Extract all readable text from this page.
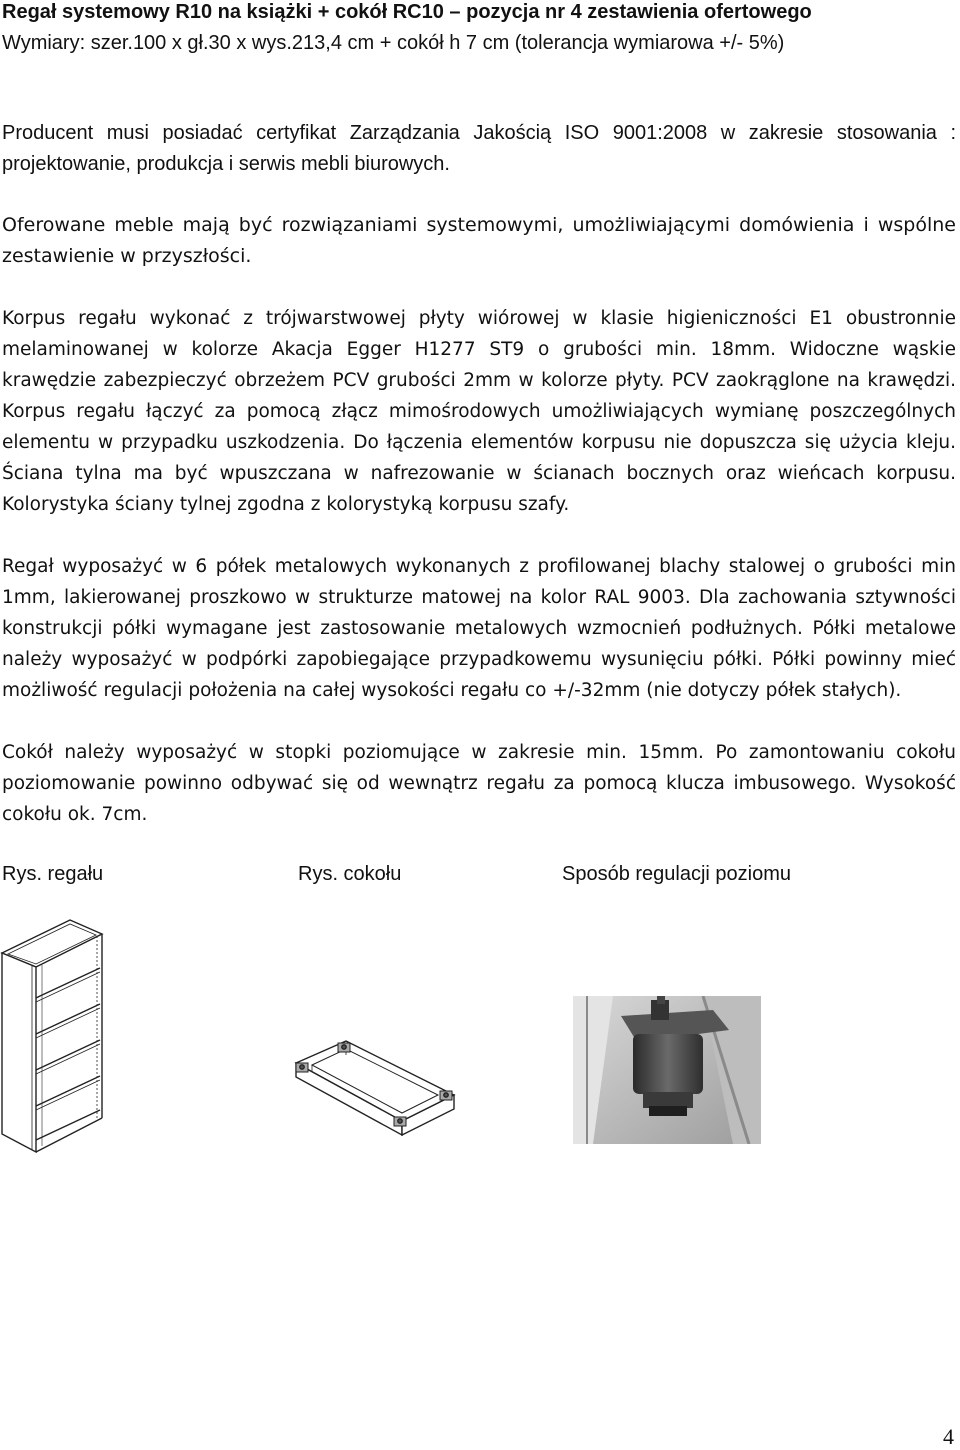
Regał systemowy R10 na książki + cokół RC10 – pozycja nr 4 zestawienia ofertowego
Wymiary: szer.100 x gł.30 x wys.213,4 cm + cokół h 7 cm (tolerancja wymiarowa +/- 5%)
Producent musi posiadać certyfikat Zarządzania Jakością ISO 9001:2008 w zakresie stosowania : projektowanie, produkcja i serwis mebli biurowych.
Oferowane meble mają być rozwiązaniami systemowymi, umożliwiającymi domówienia i wspólne zestawienie w przyszłości.
Korpus regału wykonać z trójwarstwowej płyty wiórowej w klasie higieniczności E1 obustronnie melaminowanej w kolorze Akacja Egger H1277 ST9 o grubości min. 18mm. Widoczne wąskie krawędzie zabezpieczyć obrzeżem PCV grubości 2mm w kolorze płyty. PCV zaokrąglone na krawędzi. Korpus regału łączyć za pomocą złącz mimośrodowych umożliwiających wymianę poszczególnych elementu w przypadku uszkodzenia. Do łączenia elementów korpusu nie dopuszcza się użycia kleju. Ściana tylna ma być wpuszczana w nafrezowanie w ścianach bocznych oraz wieńcach korpusu. Kolorystyka ściany tylnej zgodna z kolorystyką korpusu szafy.
Regał wyposażyć w 6 półek metalowych wykonanych z profilowanej blachy stalowej o grubości min 1mm, lakierowanej proszkowo w strukturze matowej na kolor RAL 9003. Dla zachowania sztywności konstrukcji półki wymagane jest zastosowanie metalowych wzmocnień podłużnych. Półki metalowe należy wyposażyć w podpórki zapobiegające przypadkowemu wysunięciu półki. Półki powinny mieć możliwość regulacji położenia na całej wysokości regału co +/-32mm (nie dotyczy półek stałych).
Cokół należy wyposażyć w stopki poziomujące w zakresie min. 15mm. Po zamontowaniu cokołu poziomowanie powinno odbywać się od wewnątrz regału za pomocą klucza imbusowego. Wysokość cokołu ok. 7cm.
Rys. regału	Rys. cokołu	Sposób regulacji poziomu
4
